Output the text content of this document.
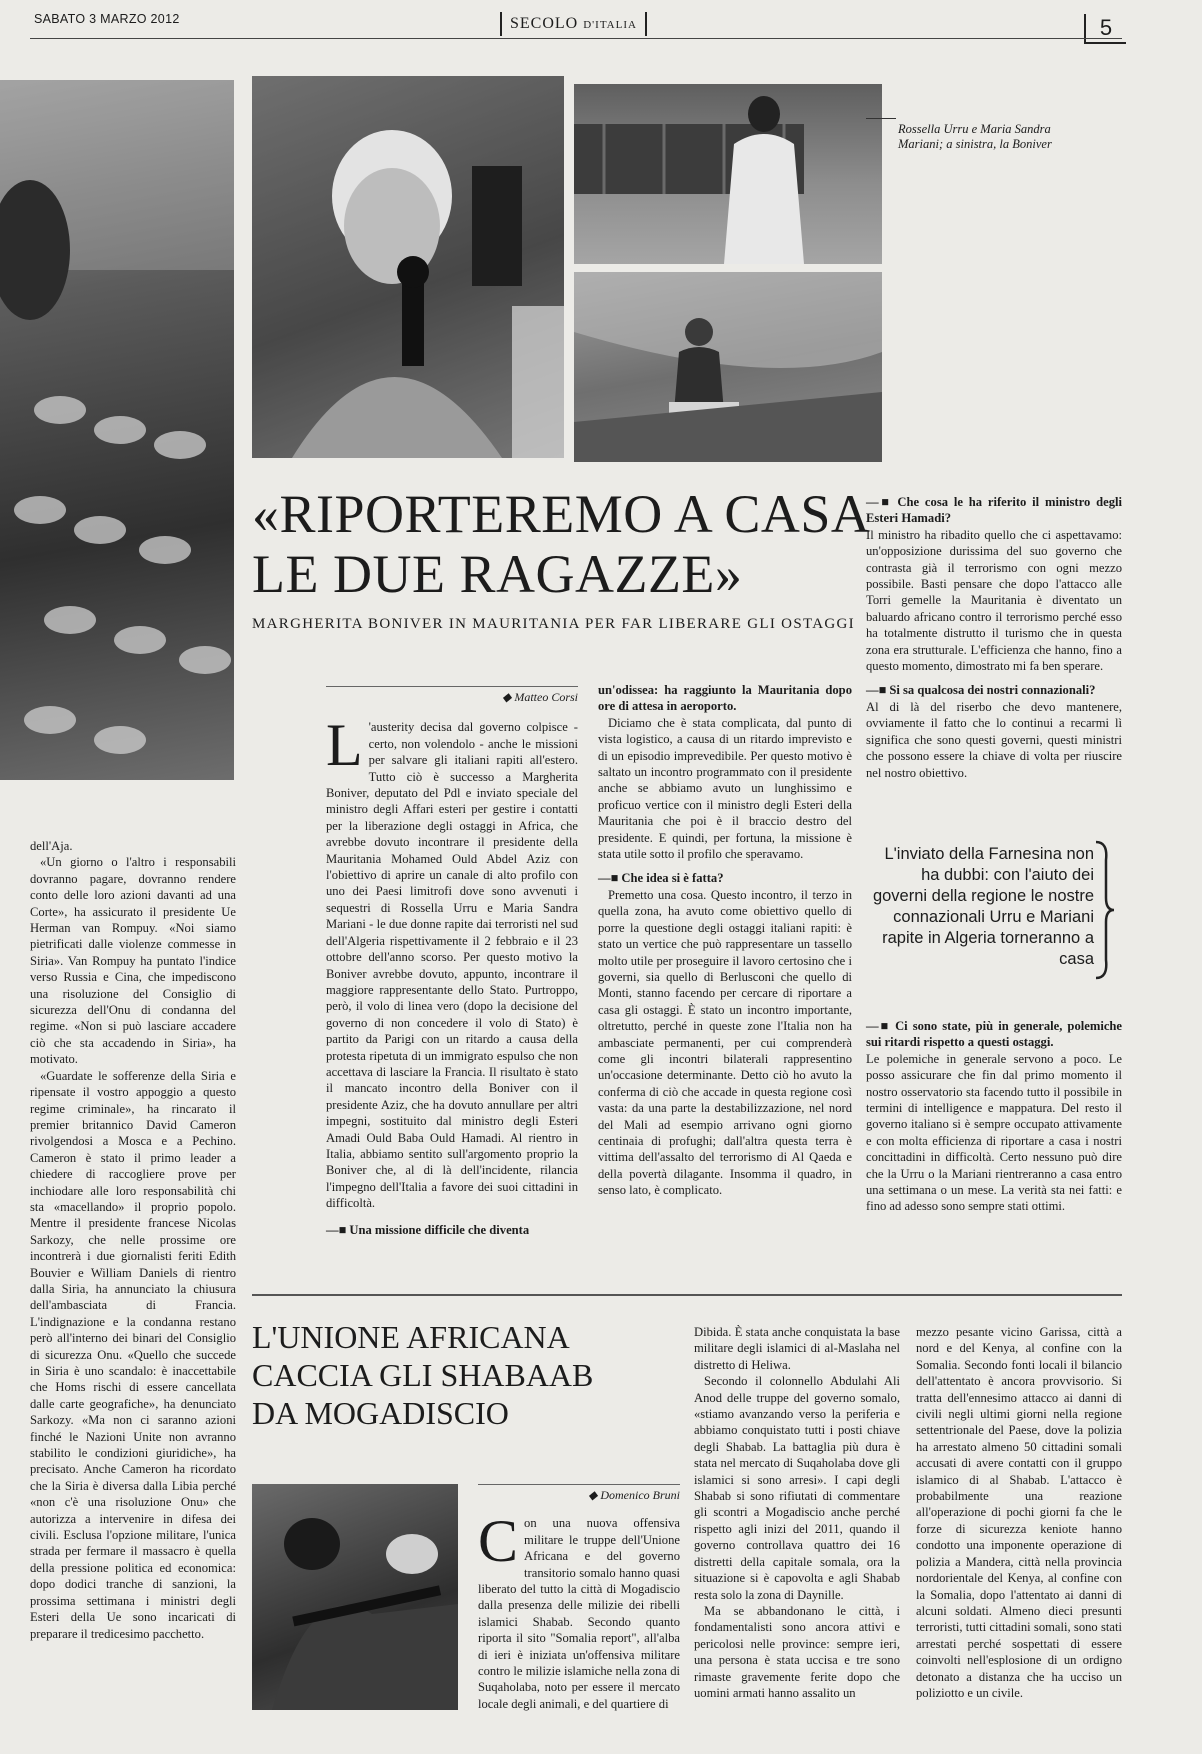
SABATO 3 MARZO 2012	SECOLO D'ITALIA	5
Rossella Urru e Maria Sandra Mariani; a sinistra, la Boniver
«RIPORTEREMO A CASA
LE DUE RAGAZZE»
MARGHERITA BONIVER IN MAURITANIA PER FAR LIBERARE GLI OSTAGGI
◆ Matteo Corsi

L 'austerity decisa dal governo colpisce - certo, non volendolo - anche le missioni per salvare gli italiani rapiti all'estero. Tutto ciò è successo a Margherita Boniver, deputato del Pdl e inviato speciale del ministro degli Affari esteri per gestire i contatti per la liberazione degli ostaggi in Africa, che avrebbe dovuto incontrare il presidente della Mauritania Mohamed Ould Abdel Aziz con l'obiettivo di aprire un canale di alto profilo con uno dei Paesi limitrofi dove sono avvenuti i sequestri di Rossella Urru e Maria Sandra Mariani - le due donne rapite dai terroristi nel sud dell'Algeria rispettivamente il 2 febbraio e il 23 ottobre dell'anno scorso. Per questo motivo la Boniver avrebbe dovuto, appunto, incontrare il maggiore rappresentante dello Stato. Purtroppo, però, il volo di linea vero (dopo la decisione del governo di non concedere il volo di Stato) è partito da Parigi con un ritardo a causa della protesta ripetuta di un immigrato espulso che non accettava di lasciare la Francia. Il risultato è stato il mancato incontro della Boniver con il presidente Aziz, che ha dovuto annullare per altri impegni, sostituito dal ministro degli Esteri Amadi Ould Baba Ould Hamadi. Al rientro in Italia, abbiamo sentito sull'argomento proprio la Boniver che, al di là dell'incidente, rilancia l'impegno dell'Italia a favore dei suoi cittadini in difficoltà.

—■ Una missione difficile che diventa

un'odissea: ha raggiunto la Mauritania dopo ore di attesa in aeroporto.

Diciamo che è stata complicata, dal punto di vista logistico, a causa di un ritardo imprevisto e di un episodio imprevedibile. Per questo motivo è saltato un incontro programmato con il presidente anche se abbiamo avuto un lunghissimo e proficuo vertice con il ministro degli Esteri della Mauritania che poi è il braccio destro del presidente. E quindi, per fortuna, la missione è stata utile sotto il profilo che speravamo.

—■ Che idea si è fatta?

Premetto una cosa. Questo incontro, il terzo in quella zona, ha avuto come obiettivo quello di porre la questione degli ostaggi italiani rapiti: è stato un vertice che può rappresentare un tassello molto utile per proseguire il lavoro certosino che i governi, sia quello di Berlusconi che quello di Monti, stanno facendo per cercare di riportare a casa gli ostaggi. È stato un incontro importante, oltretutto, perché in queste zone l'Italia non ha ambasciate permanenti, per cui comprenderà come gli incontri bilaterali rappresentino un'occasione determinante. Detto ciò ho avuto la conferma di ciò che accade in questa regione così vasta: da una parte la destabilizzazione, nel nord del Mali ad esempio arrivano ogni giorno centinaia di profughi; dall'altra questa terra è vittima dell'assalto del terrorismo di Al Qaeda e della povertà dilagante. Insomma il quadro, in senso lato, è complicato.

—■ Che cosa le ha riferito il ministro degli Esteri Hamadi?

Il ministro ha ribadito quello che ci aspettavamo: un'opposizione durissima del suo governo che contrasta già il terrorismo con ogni mezzo possibile. Basti pensare che dopo l'attacco alle Torri gemelle la Mauritania è diventato un baluardo africano contro il terrorismo perché esso ha totalmente distrutto il turismo che in questa zona era strutturale. L'efficienza che hanno, fino a questo momento, dimostrato mi fa ben sperare.

—■ Si sa qualcosa dei nostri connazionali?

Al di là del riserbo che devo mantenere, ovviamente il fatto che lo continui a recarmi lì significa che sono questi governi, questi ministri che possono essere la chiave di volta per riuscire nel nostro obiettivo.

L'inviato della Farnesina non ha dubbi: con l'aiuto dei governi della regione le nostre connazionali Urru e Mariani rapite in Algeria torneranno a casa

—■ Ci sono state, più in generale, polemiche sui ritardi rispetto a questi ostaggi.

Le polemiche in generale servono a poco. Le posso assicurare che fin dal primo momento il nostro osservatorio sta facendo tutto il possibile in termini di intelligence e mappatura. Del resto il governo italiano si è sempre occupato attivamente e con molta efficienza di riportare a casa i nostri concittadini in difficoltà. Certo nessuno può dire che la Urru o la Mariani rientreranno a casa entro una settimana o un mese. La verità sta nei fatti: e fino ad adesso sono sempre stati ottimi.

dell'Aja.

«Un giorno o l'altro i responsabili dovranno pagare, dovranno rendere conto delle loro azioni davanti ad una Corte», ha assicurato il presidente Ue Herman van Rompuy. «Noi siamo pietrificati dalle violenze commesse in Siria». Van Rompuy ha puntato l'indice verso Russia e Cina, che impediscono una risoluzione del Consiglio di sicurezza dell'Onu di condanna del regime. «Non si può lasciare accadere ciò che sta accadendo in Siria», ha motivato.

«Guardate le sofferenze della Siria e ripensate il vostro appoggio a questo regime criminale», ha rincarato il premier britannico David Cameron rivolgendosi a Mosca e a Pechino. Cameron è stato il primo leader a chiedere di raccogliere prove per inchiodare alle loro responsabilità chi sta «macellando» il proprio popolo. Mentre il presidente francese Nicolas Sarkozy, che nelle prossime ore incontrerà i due giornalisti feriti Edith Bouvier e William Daniels di rientro dalla Siria, ha annunciato la chiusura dell'ambasciata di Francia. L'indignazione e la condanna restano però all'interno dei binari del Consiglio di sicurezza Onu. «Quello che succede in Siria è uno scandalo: è inaccettabile che Homs rischi di essere cancellata dalle carte geografiche», ha denunciato Sarkozy. «Ma non ci saranno azioni finché le Nazioni Unite non avranno stabilito le condizioni giuridiche», ha precisato. Anche Cameron ha ricordato che la Siria è diversa dalla Libia perché «non c'è una risoluzione Onu» che autorizza a intervenire in difesa dei civili. Esclusa l'opzione militare, l'unica strada per fermare il massacro è quella della pressione politica ed economica: dopo dodici tranche di sanzioni, la prossima settimana i ministri degli Esteri della Ue sono incaricati di preparare il tredicesimo pacchetto.

L'UNIONE AFRICANA
CACCIA GLI SHABAAB
DA MOGADISCIO
◆ Domenico Bruni

Con una nuova offensiva militare le truppe dell'Unione Africana e del governo transitorio somalo hanno quasi liberato del tutto la città di Mogadiscio dalla presenza delle milizie dei ribelli islamici Shabab. Secondo quanto riporta il sito "Somalia report", all'alba di ieri è iniziata un'offensiva militare contro le milizie islamiche nella zona di Suqaholaba, noto per essere il mercato locale degli animali, e del quartiere di

Dibida. È stata anche conquistata la base militare degli islamici di al-Maslaha nel distretto di Heliwa.

Secondo il colonnello Abdulahi Ali Anod delle truppe del governo somalo, «stiamo avanzando verso la periferia e abbiamo conquistato tutti i posti chiave degli Shabab. La battaglia più dura è stata nel mercato di Suqaholaba dove gli islamici si sono arresi». I capi degli Shabab si sono rifiutati di commentare gli scontri a Mogadiscio anche perché rispetto agli inizi del 2011, quando il governo controllava quattro dei 16 distretti della capitale somala, ora la situazione si è capovolta e agli Shabab resta solo la zona di Daynille.

Ma se abbandonano le città, i fondamentalisti sono ancora attivi e pericolosi nelle province: sempre ieri, una persona è stata uccisa e tre sono rimaste gravemente ferite dopo che uomini armati hanno assalito un

mezzo pesante vicino Garissa, città a nord e del Kenya, al confine con la Somalia. Secondo fonti locali il bilancio dell'attentato è ancora provvisorio. Si tratta dell'ennesimo attacco ai danni di civili negli ultimi giorni nella regione settentrionale del Paese, dove la polizia ha arrestato almeno 50 cittadini somali accusati di avere contatti con il gruppo islamico di al Shabab. L'attacco è probabilmente una reazione all'operazione di pochi giorni fa che le forze di sicurezza keniote hanno condotto una imponente operazione di polizia a Mandera, città nella provincia nordorientale del Kenya, al confine con la Somalia, dopo l'attentato ai danni di alcuni soldati. Almeno dieci presunti terroristi, tutti cittadini somali, sono stati arrestati perché sospettati di essere coinvolti nell'esplosione di un ordigno detonato a distanza che ha ucciso un poliziotto e un civile.
